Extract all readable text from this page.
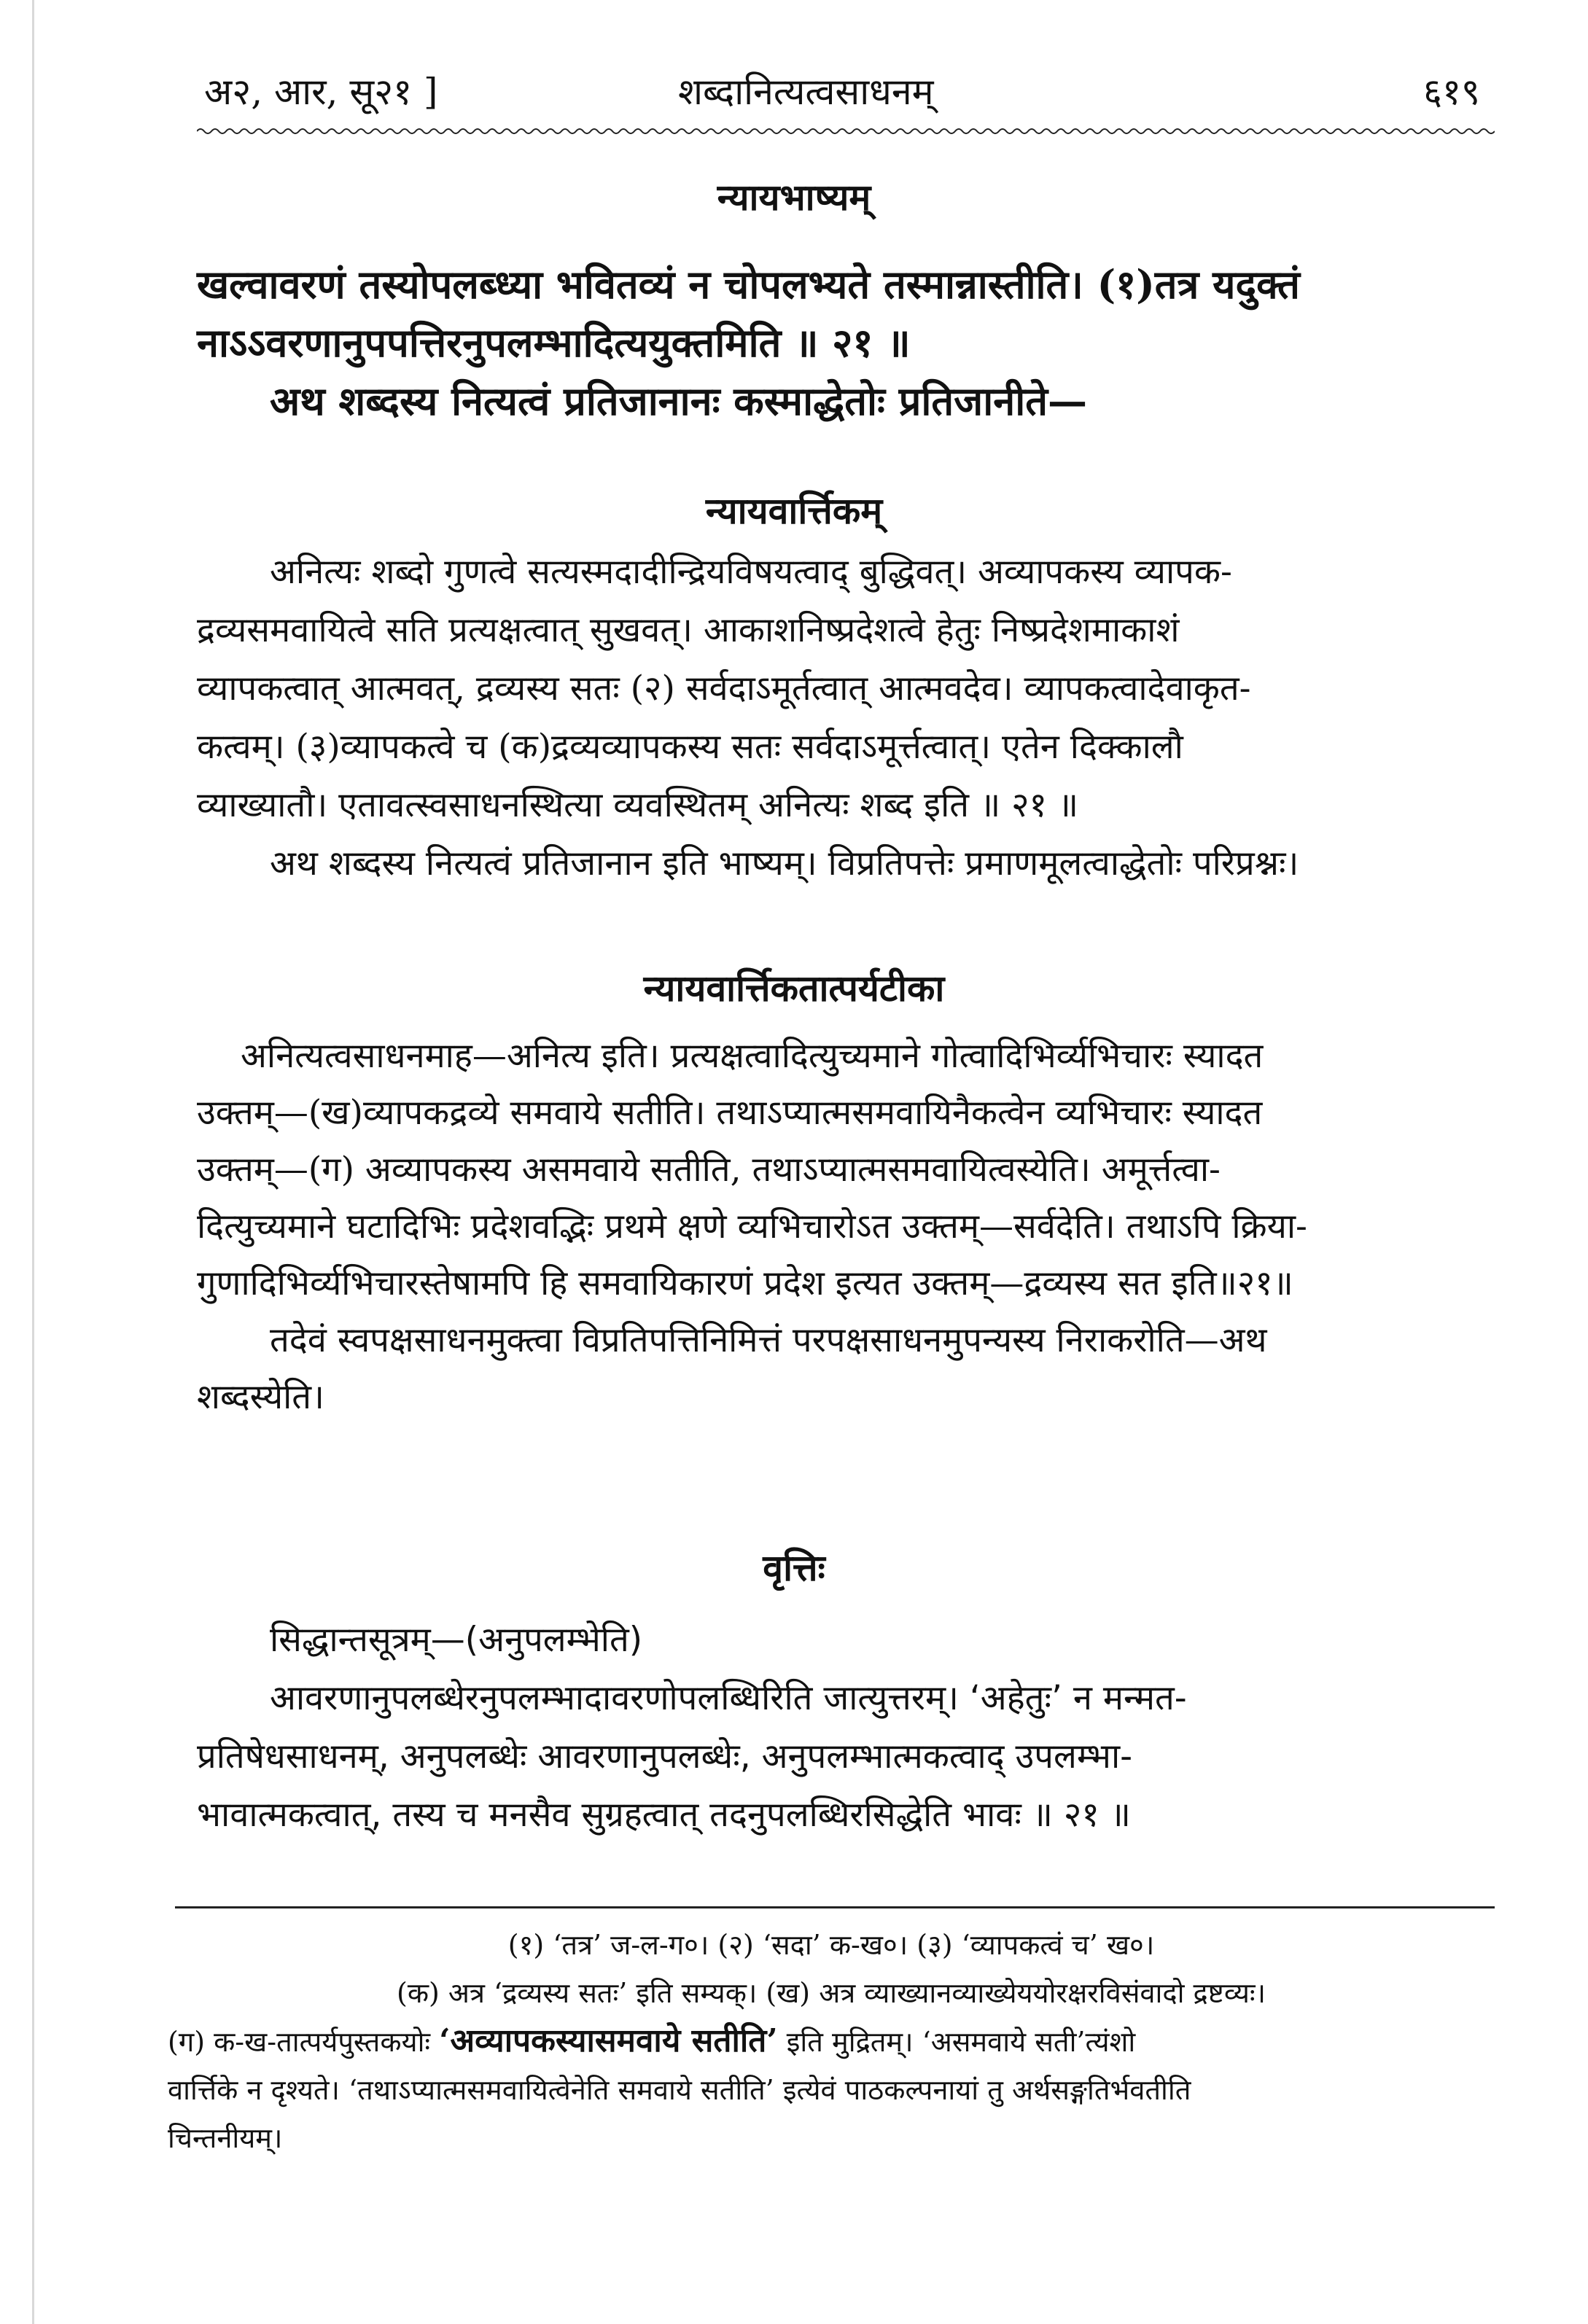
अ२, आर, सू२१ ]	शब्दानित्यत्वसाधनम्	६१९
न्यायभाष्यम्
खल्वावरणं तस्योपलब्ध्या भवितव्यं न चोपलभ्यते तस्मान्नास्तीति। (१)तत्र यदुक्तं
नाऽऽवरणानुपपत्तिरनुपलम्भादित्ययुक्तमिति ॥ २१ ॥
अथ शब्दस्य नित्यत्वं प्रतिजानानः कस्माद्धेतोः प्रतिजानीते—
न्यायवार्त्तिकम्
अनित्यः शब्दो गुणत्वे सत्यस्मदादीन्द्रियविषयत्वाद् बुद्धिवत्। अव्यापकस्य व्यापक-
द्रव्यसमवायित्वे सति प्रत्यक्षत्वात् सुखवत्। आकाशनिष्प्रदेशत्वे हेतुः निष्प्रदेशमाकाशं
व्यापकत्वात् आत्मवत्, द्रव्यस्य सतः (२) सर्वदाऽमूर्तत्वात् आत्मवदेव। व्यापकत्वादेवाकृत-
कत्वम्। (३)व्यापकत्वे च (क)द्रव्यव्यापकस्य सतः सर्वदाऽमूर्त्तत्वात्। एतेन दिक्कालौ
व्याख्यातौ। एतावत्स्वसाधनस्थित्या व्यवस्थितम् अनित्यः शब्द इति ॥ २१ ॥
अथ शब्दस्य नित्यत्वं प्रतिजानान इति भाष्यम्। विप्रतिपत्तेः प्रमाणमूलत्वाद्धेतोः परिप्रश्नः।
न्यायवार्त्तिकतात्पर्यटीका
अनित्यत्वसाधनमाह—अनित्य इति। प्रत्यक्षत्वादित्युच्यमाने गोत्वादिभिर्व्यभिचारः स्यादत
उक्तम्—(ख)व्यापकद्रव्ये समवाये सतीति। तथाऽप्यात्मसमवायिनैकत्वेन व्यभिचारः स्यादत
उक्तम्—(ग) अव्यापकस्य असमवाये सतीति, तथाऽप्यात्मसमवायित्वस्येति। अमूर्त्तत्वा-
दित्युच्यमाने घटादिभिः प्रदेशवद्भिः प्रथमे क्षणे व्यभिचारोऽत उक्तम्—सर्वदेति। तथाऽपि क्रिया-
गुणादिभिर्व्यभिचारस्तेषामपि हि समवायिकारणं प्रदेश इत्यत उक्तम्—द्रव्यस्य सत इति॥२१॥
तदेवं स्वपक्षसाधनमुक्त्वा विप्रतिपत्तिनिमित्तं परपक्षसाधनमुपन्यस्य निराकरोति—अथ
शब्दस्येति।
वृत्तिः
सिद्धान्तसूत्रम्—(अनुपलम्भेति)
आवरणानुपलब्धेरनुपलम्भादावरणोपलब्धिरिति जात्युत्तरम्। ‘अहेतुः’ न मन्मत-
प्रतिषेधसाधनम्, अनुपलब्धेः आवरणानुपलब्धेः, अनुपलम्भात्मकत्वाद् उपलम्भा-
भावात्मकत्वात्, तस्य च मनसैव सुग्रहत्वात् तदनुपलब्धिरसिद्धेति भावः ॥ २१ ॥
(१) ‘तत्र’ ज-ल-ग०। (२) ‘सदा’ क-ख०। (३) ‘व्यापकत्वं च’ ख०।
(क) अत्र ‘द्रव्यस्य सतः’ इति सम्यक्। (ख) अत्र व्याख्यानव्याख्येययोरक्षरविसंवादो द्रष्टव्यः।
(ग) क-ख-तात्पर्यपुस्तकयोः ‘अव्यापकस्यासमवाये सतीति’ इति मुद्रितम्। ‘असमवाये सती’त्यंशो
वार्त्तिके न दृश्यते। ‘तथाऽप्यात्मसमवायित्वेनेति समवाये सतीति’ इत्येवं पाठकल्पनायां तु अर्थसङ्गतिर्भवतीति
चिन्तनीयम्।
